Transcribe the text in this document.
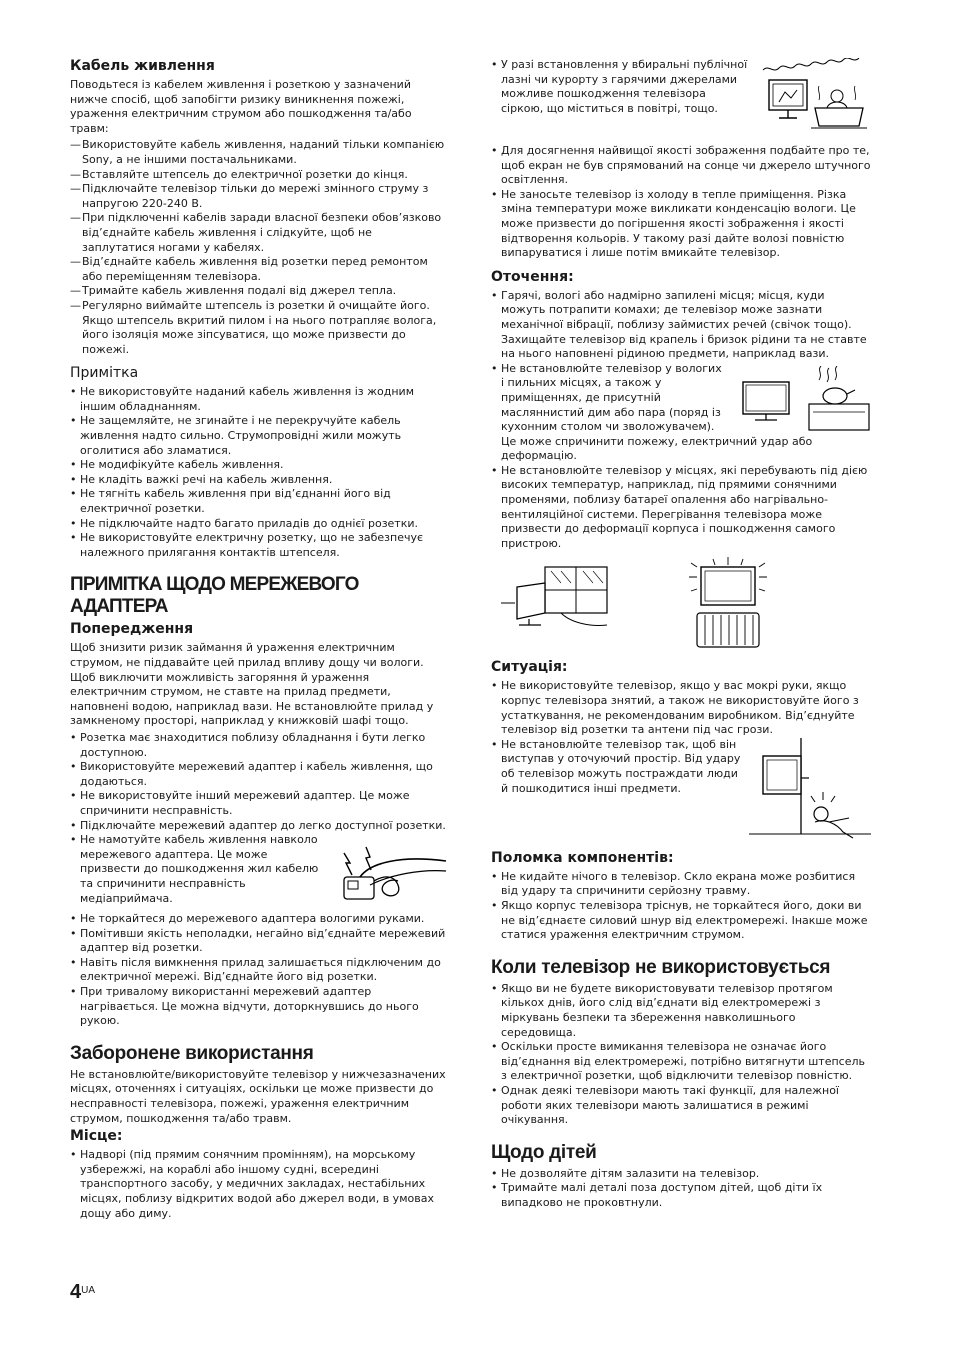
Кабель живлення

Поводьтеся із кабелем живлення і розеткою у зазначений нижче спосіб, щоб запобігти ризику виникнення пожежі, ураження електричним струмом або пошкодження та/або травм:

— Використовуйте кабель живлення, наданий тільки компанією Sony, а не іншими постачальниками.
— Вставляйте штепсель до електричної розетки до кінця.
— Підключайте телевізор тільки до мережі змінного струму з напругою 220-240 В.
— При підключенні кабелів заради власної безпеки обов’язково від’єднайте кабель живлення і слідкуйте, щоб не заплутатися ногами у кабелях.
— Від’єднайте кабель живлення від розетки перед ремонтом або переміщенням телевізора.
— Тримайте кабель живлення подалі від джерел тепла.
— Регулярно виймайте штепсель із розетки й очищайте його. Якщо штепсель вкритий пилом і на нього потрапляє волога, його ізоляція може зіпсуватися, що може призвести до пожежі.
Примітка
• Не використовуйте наданий кабель живлення із жодним іншим обладнанням.
• Не защемляйте, не згинайте і не перекручуйте кабель живлення надто сильно. Струмопровідні жили можуть оголитися або зламатися.
• Не модифікуйте кабель живлення.
• Не кладіть важкі речі на кабель живлення.
• Не тягніть кабель живлення при від’єднанні його від електричної розетки.
• Не підключайте надто багато приладів до однієї розетки.
• Не використовуйте електричну розетку, що не забезпечує належного прилягання контактів штепселя.
ПРИМІТКА ЩОДО МЕРЕЖЕВОГО АДАПТЕРА
Попередження

Щоб знизити ризик займання й ураження електричним струмом, не піддавайте цей прилад впливу дощу чи вологи. Щоб виключити можливість загоряння й ураження електричним струмом, не ставте на прилад предмети, наповнені водою, наприклад вази. Не встановлюйте прилад у замкненому просторі, наприклад у книжковій шафі тощо.

• Розетка має знаходитися поблизу обладнання і бути легко доступною.
• Використовуйте мережевий адаптер і кабель живлення, що додаються.
• Не використовуйте інший мережевий адаптер. Це може спричинити несправність.
• Підключайте мережевий адаптер до легко доступної розетки.
• Не намотуйте кабель живлення навколо мережевого адаптера. Це може призвести до пошкодження жил кабелю та спричинити несправність медіаприймача.
• Не торкайтеся до мережевого адаптера вологими руками.
• Помітивши якість неполадки, негайно від’єднайте мережевий адаптер від розетки.
• Навіть після вимкнення прилад залишається підключеним до електричної мережі. Від’єднайте його від розетки.
• При тривалому використанні мережевий адаптер нагрівається. Це можна відчути, доторкнувшись до нього рукою.
Заборонене використання

Не встановлюйте/використовуйте телевізор у нижчезазначених місцях, оточеннях і ситуаціях, оскільки це може призвести до несправності телевізора, пожежі, ураження електричним струмом, пошкодження та/або травм.

Місце:
• Надворі (під прямим сонячним промінням), на морському узбережжі, на кораблі або іншому судні, всередині транспортного засобу, у медичних закладах, нестабільних місцях, поблизу відкритих водой або джерел води, в умовах дощу або диму.
• У разі встановлення у вбиральні публічної лазні чи курорту з гарячими джерелами можливе пошкодження телевізора сіркою, що міститься в повітрі, тощо.
• Для досягнення найвищої якості зображення подбайте про те, щоб екран не був спрямований на сонце чи джерело штучного освітлення.
• Не заносьте телевізор із холоду в тепле приміщення. Різка зміна температури може викликати конденсацію вологи. Це може призвести до погіршення якості зображення і якості відтворення кольорів. У такому разі дайте волозі повністю випаруватися і лише потім вмикайте телевізор.
Оточення:
• Гарячі, вологі або надмірно запилені місця; місця, куди можуть потрапити комахи; де телевізор може зазнати механічної вібрації, поблизу займистих речей (свічок тощо). Захищайте телевізор від крапель і бризок рідини та не ставте на нього наповнені рідиною предмети, наприклад вази.
• Не встановлюйте телевізор у вологих і пильних місцях, а також у приміщеннях, де присутній масляннистий дим або пара (поряд із кухонним столом чи зволожувачем). Це може спричинити пожежу, електричний удар або деформацію.
• Не встановлюйте телевізор у місцях, які перебувають під дією високих температур, наприклад, під прямими сонячними променями, поблизу батареї опалення або нагрівально-вентиляційної системи. Перегрівання телевізора може призвести до деформації корпуса і пошкодження самого пристрою.
Ситуація:
• Не використовуйте телевізор, якщо у вас мокрі руки, якщо корпус телевізора знятий, а також не використовуйте його з устаткування, не рекомендованим виробником. Від’єднуйте телевізор від розетки та антени під час грози.
• Не встановлюйте телевізор так, щоб він виступав у оточуючий простір. Від удару об телевізор можуть постраждати люди й пошкодитися інші предмети.
Поломка компонентів:
• Не кидайте нічого в телевізор. Скло екрана може розбитися від удару та спричинити серйозну травму.
• Якщо корпус телевізора тріснув, не торкайтеся його, доки ви не від’єднаєте силовий шнур від електромережі. Інакше може статися ураження електричним струмом.
Коли телевізор не використовується
• Якщо ви не будете використовувати телевізор протягом кількох днів, його слід від’єднати від електромережі з міркувань безпеки та збереження навколишнього середовища.
• Оскільки просте вимикання телевізора не означає його від’єднання від електромережі, потрібно витягнути штепсель з електричної розетки, щоб відключити телевізор повністю.
• Однак деякі телевізори мають такі функції, для належної роботи яких телевізори мають залишатися в режимі очікування.
Щодо дітей
• Не дозволяйте дітям залазити на телевізор.
• Тримайте малі деталі поза доступом дітей, щоб діти їх випадково не проковтнули.
$4^{UA}$
